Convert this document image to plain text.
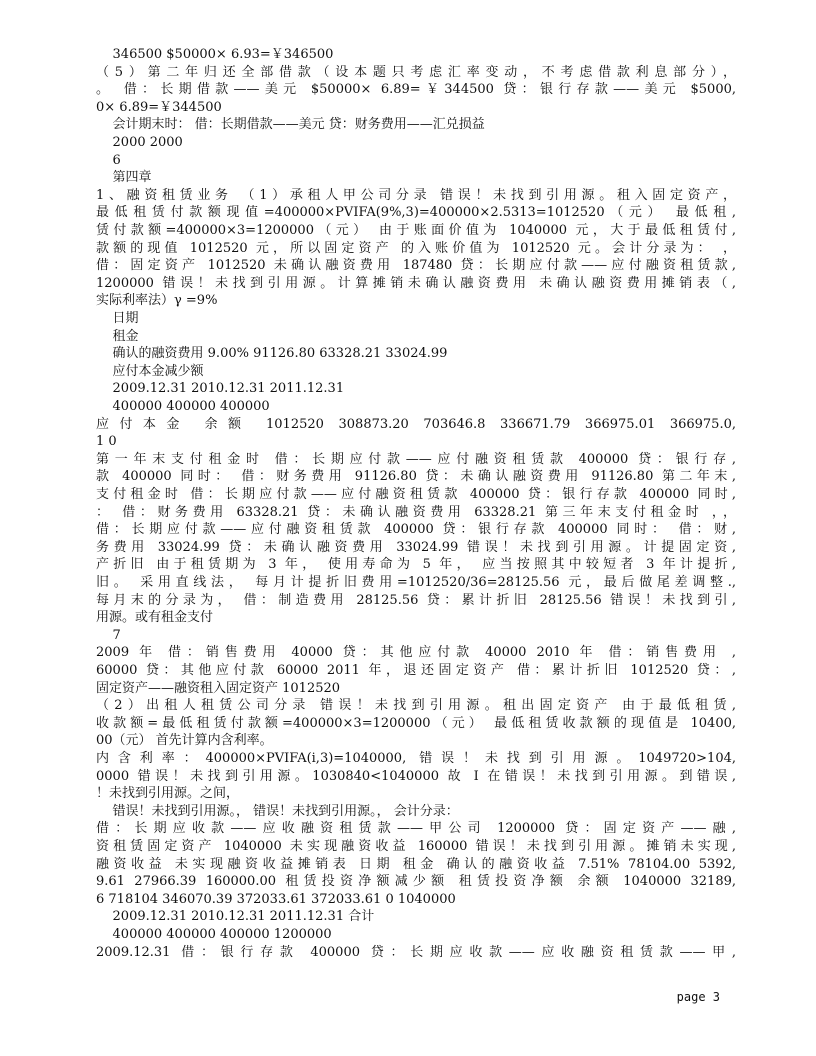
346500 $50000× 6.93=￥346500
（5）第二年归还全部借款（设本题只考虑汇率变动，不考虑借款利息部分），
。 借：长期借款——美元 $50000× 6.89=￥344500 贷：银行存款——美元 $5000,
0× 6.89=￥344500
会计期末时： 借：长期借款——美元 贷：财务费用——汇兑损益
2000 2000
6
第四章
1、融资租赁业务 （1）承租人甲公司分录 错误！未找到引用源。租入固定资产，
最低租赁付款额现值=400000×PVIFA(9%,3)=400000×2.5313=1012520（元） 最低租,
赁付款额=400000×3=1200000（元） 由于账面价值为 1040000 元，大于最低租赁付,
款额的现值 1012520 元，所以固定资产 的入账价值为 1012520 元。会计分录为： ，
借：固定资产 1012520 未确认融资费用 187480 贷：长期应付款——应付融资租赁款,
1200000 错误！未找到引用源。计算摊销未确认融资费用 未确认融资费用摊销表（,
实际利率法）γ =9%
日期
租金
确认的融资费用 9.00% 91126.80 63328.21 33024.99
应付本金减少额
2009.12.31 2010.12.31 2011.12.31
400000 400000 400000
应付本金 余额 1012520 308873.20 703646.8 336671.79 366975.01 366975.0,
1 0
第一年末支付租金时 借：长期应付款——应付融资租赁款 400000 贷：银行存,
款 400000 同时： 借：财务费用 91126.80 贷：未确认融资费用 91126.80 第二年末,
支付租金时 借：长期应付款——应付融资租赁款 400000 贷：银行存款 400000 同时,
： 借：财务费用 63328.21 贷：未确认融资费用 63328.21 第三年末支付租金时 ，，
借：长期应付款——应付融资租赁款 400000 贷：银行存款 400000 同时： 借：财,
务费用 33024.99 贷：未确认融资费用 33024.99 错误！未找到引用源。计提固定资,
产折旧 由于租赁期为 3 年， 使用寿命为 5 年， 应当按照其中较短者 3 年计提折,
旧。 采用直线法， 每月计提折旧费用=1012520/36=28125.56 元，最后做尾差调整.,
每月末的分录为， 借：制造费用 28125.56 贷：累计折旧 28125.56 错误！未找到引,
用源。或有租金支付
7
2009 年 借：销售费用 40000 贷：其他应付款 40000 2010 年 借：销售费用 ,
60000 贷：其他应付款 60000 2011 年，退还固定资产 借：累计折旧 1012520 贷：,
固定资产——融资租入固定资产 1012520
（2）出租人租赁公司分录 错误！未找到引用源。租出固定资产 由于最低租赁,
收款额=最低租赁付款额=400000×3=1200000（元） 最低租赁收款额的现值是 10400,
00（元） 首先计算内含利率。
内含利率：400000×PVIFA(i,3)=1040000, 错误！未找到引用源。1049720>104,
0000 错误！未找到引用源。1030840<1040000 故 I 在错误！未找到引用源。到错误,
！未找到引用源。之间，
错误！未找到引用源。， 错误！未找到引用源。， 会计分录：
借：长期应收款——应收融资租赁款——甲公司 1200000 贷：固定资产——融,
资租赁固定资产 1040000 未实现融资收益 160000 错误！未找到引用源。摊销未实现,
融资收益 未实现融资收益摊销表 日期 租金 确认的融资收益 7.51% 78104.00 5392,
9.61 27966.39 160000.00 租赁投资净额减少额 租赁投资净额 余额 1040000 32189,
6 718104 346070.39 372033.61 372033.61 0 1040000
2009.12.31 2010.12.31 2011.12.31 合计
400000 400000 400000 1200000
2009.12.31 借：银行存款 400000 贷：长期应收款——应收融资租赁款——甲,
page 3
